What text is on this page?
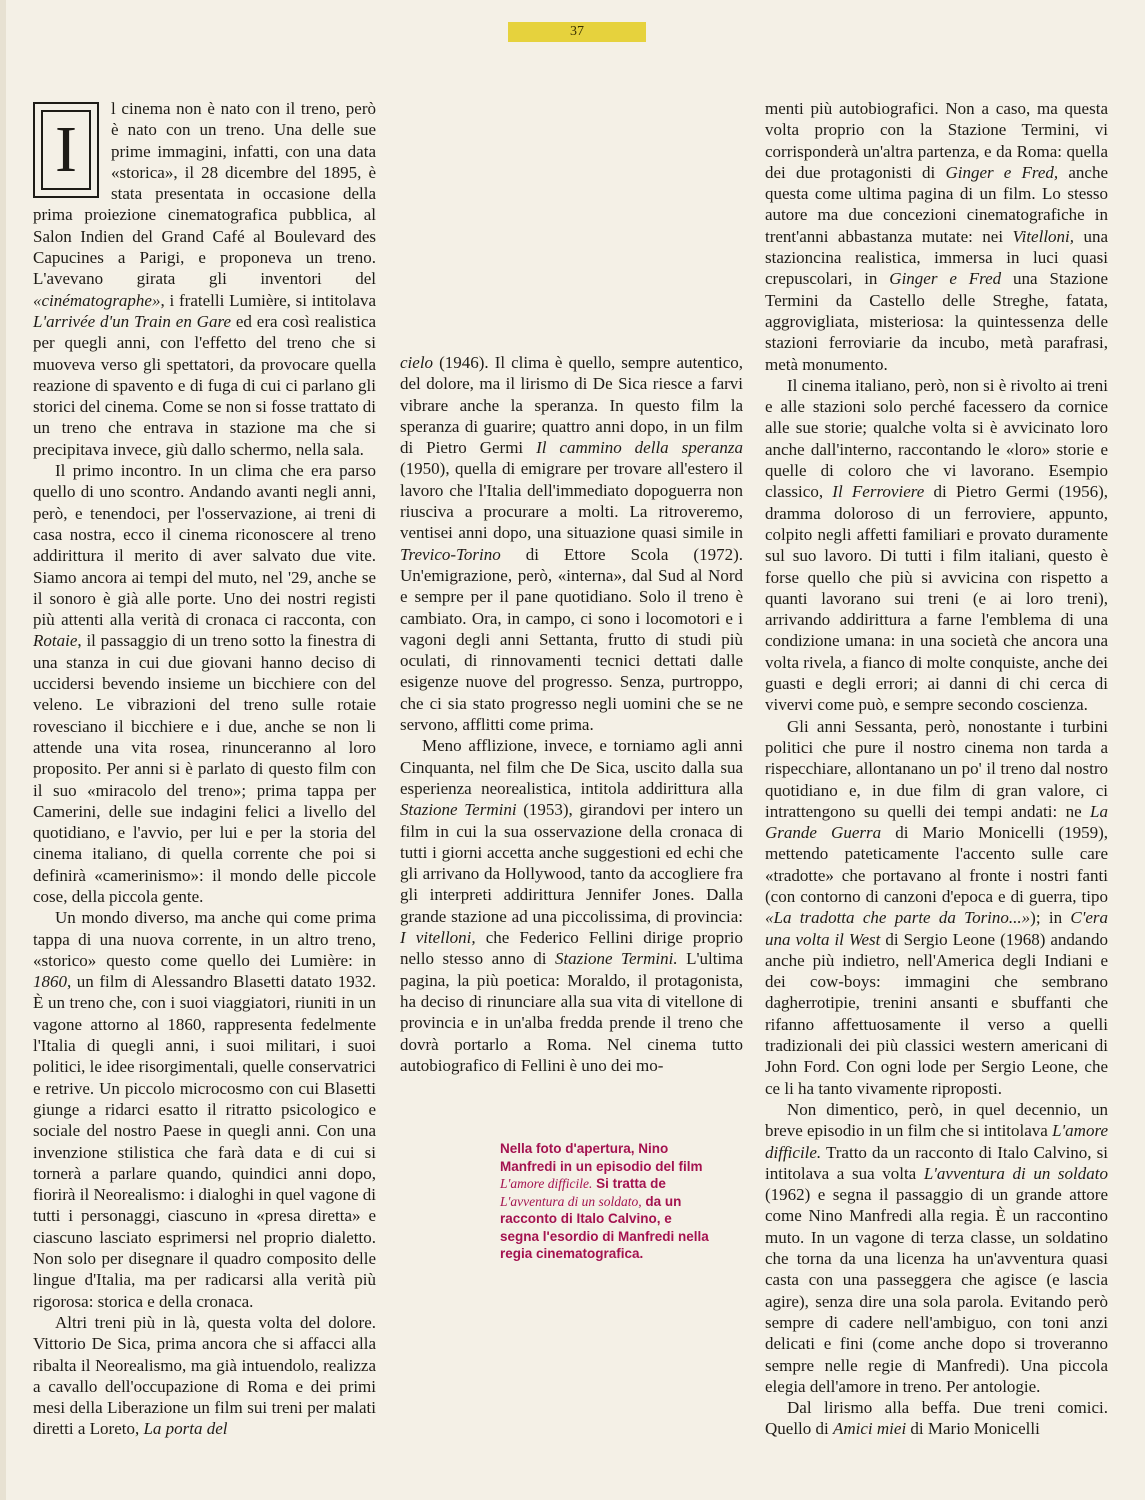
37

I
l cinema non è nato con il treno, però è nato con un treno. Una delle sue prime immagini, infatti, con una data «storica», il 28 dicembre del 1895, è stata presentata in occasione della prima proiezione cinematografica pubblica, al Salon Indien del Grand Café al Boulevard des Capucines a Parigi, e proponeva un treno. L'avevano girata gli inventori del «cinématographe», i fratelli Lumière, si intitolava L'arrivée d'un Train en Gare ed era così realistica per quegli anni, con l'effetto del treno che si muoveva verso gli spettatori, da provocare quella reazione di spavento e di fuga di cui ci parlano gli storici del cinema. Come se non si fosse trattato di un treno che entrava in stazione ma che si precipitava invece, giù dallo schermo, nella sala.

Il primo incontro. In un clima che era parso quello di uno scontro. Andando avanti negli anni, però, e tenendoci, per l'osservazione, ai treni di casa nostra, ecco il cinema riconoscere al treno addirittura il merito di aver salvato due vite. Siamo ancora ai tempi del muto, nel '29, anche se il sonoro è già alle porte. Uno dei nostri registi più attenti alla verità di cronaca ci racconta, con Rotaie, il passaggio di un treno sotto la finestra di una stanza in cui due giovani hanno deciso di uccidersi bevendo insieme un bicchiere con del veleno. Le vibrazioni del treno sulle rotaie rovesciano il bicchiere e i due, anche se non li attende una vita rosea, rinunceranno al loro proposito. Per anni si è parlato di questo film con il suo «miracolo del treno»; prima tappa per Camerini, delle sue indagini felici a livello del quotidiano, e l'avvio, per lui e per la storia del cinema italiano, di quella corrente che poi si definirà «camerinismo»: il mondo delle piccole cose, della piccola gente.

Un mondo diverso, ma anche qui come prima tappa di una nuova corrente, in un altro treno, «storico» questo come quello dei Lumière: in 1860, un film di Alessandro Blasetti datato 1932. È un treno che, con i suoi viaggiatori, riuniti in un vagone attorno al 1860, rappresenta fedelmente l'Italia di quegli anni, i suoi militari, i suoi politici, le idee risorgimentali, quelle conservatrici e retrive. Un piccolo microcosmo con cui Blasetti giunge a ridarci esatto il ritratto psicologico e sociale del nostro Paese in quegli anni. Con una invenzione stilistica che farà data e di cui si tornerà a parlare quando, quindici anni dopo, fiorirà il Neorealismo: i dialoghi in quel vagone di tutti i personaggi, ciascuno in «presa diretta» e ciascuno lasciato esprimersi nel proprio dialetto. Non solo per disegnare il quadro composito delle lingue d'Italia, ma per radicarsi alla verità più rigorosa: storica e della cronaca.

Altri treni più in là, questa volta del dolore. Vittorio De Sica, prima ancora che si affacci alla ribalta il Neorealismo, ma già intuendolo, realizza a cavallo dell'occupazione di Roma e dei primi mesi della Liberazione un film sui treni per malati diretti a Loreto, La porta del

cielo (1946). Il clima è quello, sempre autentico, del dolore, ma il lirismo di De Sica riesce a farvi vibrare anche la speranza. In questo film la speranza di guarire; quattro anni dopo, in un film di Pietro Germi Il cammino della speranza (1950), quella di emigrare per trovare all'estero il lavoro che l'Italia dell'immediato dopoguerra non riusciva a procurare a molti. La ritroveremo, ventisei anni dopo, una situazione quasi simile in Trevico-Torino di Ettore Scola (1972). Un'emigrazione, però, «interna», dal Sud al Nord e sempre per il pane quotidiano. Solo il treno è cambiato. Ora, in campo, ci sono i locomotori e i vagoni degli anni Settanta, frutto di studi più oculati, di rinnovamenti tecnici dettati dalle esigenze nuove del progresso. Senza, purtroppo, che ci sia stato progresso negli uomini che se ne servono, afflitti come prima.

Meno afflizione, invece, e torniamo agli anni Cinquanta, nel film che De Sica, uscito dalla sua esperienza neorealistica, intitola addirittura alla Stazione Termini (1953), girandovi per intero un film in cui la sua osservazione della cronaca di tutti i giorni accetta anche suggestioni ed echi che gli arrivano da Hollywood, tanto da accogliere fra gli interpreti addirittura Jennifer Jones. Dalla grande stazione ad una piccolissima, di provincia: I vitelloni, che Federico Fellini dirige proprio nello stesso anno di Stazione Termini. L'ultima pagina, la più poetica: Moraldo, il protagonista, ha deciso di rinunciare alla sua vita di vitellone di provincia e in un'alba fredda prende il treno che dovrà portarlo a Roma. Nel cinema tutto autobiografico di Fellini è uno dei mo-

Nella foto d'apertura, Nino Manfredi in un episodio del film L'amore difficile. Si tratta de L'avventura di un soldato, da un racconto di Italo Calvino, e segna l'esordio di Manfredi nella regia cinematografica.

menti più autobiografici. Non a caso, ma questa volta proprio con la Stazione Termini, vi corrisponderà un'altra partenza, e da Roma: quella dei due protagonisti di Ginger e Fred, anche questa come ultima pagina di un film. Lo stesso autore ma due concezioni cinematografiche in trent'anni abbastanza mutate: nei Vitelloni, una stazioncina realistica, immersa in luci quasi crepuscolari, in Ginger e Fred una Stazione Termini da Castello delle Streghe, fatata, aggrovigliata, misteriosa: la quintessenza delle stazioni ferroviarie da incubo, metà parafrasi, metà monumento.

Il cinema italiano, però, non si è rivolto ai treni e alle stazioni solo perché facessero da cornice alle sue storie; qualche volta si è avvicinato loro anche dall'interno, raccontando le «loro» storie e quelle di coloro che vi lavorano. Esempio classico, Il Ferroviere di Pietro Germi (1956), dramma doloroso di un ferroviere, appunto, colpito negli affetti familiari e provato duramente sul suo lavoro. Di tutti i film italiani, questo è forse quello che più si avvicina con rispetto a quanti lavorano sui treni (e ai loro treni), arrivando addirittura a farne l'emblema di una condizione umana: in una società che ancora una volta rivela, a fianco di molte conquiste, anche dei guasti e degli errori; ai danni di chi cerca di vivervi come può, e sempre secondo coscienza.

Gli anni Sessanta, però, nonostante i turbini politici che pure il nostro cinema non tarda a rispecchiare, allontanano un po' il treno dal nostro quotidiano e, in due film di gran valore, ci intrattengono su quelli dei tempi andati: ne La Grande Guerra di Mario Monicelli (1959), mettendo pateticamente l'accento sulle care «tradotte» che portavano al fronte i nostri fanti (con contorno di canzoni d'epoca e di guerra, tipo «La tradotta che parte da Torino...»); in C'era una volta il West di Sergio Leone (1968) andando anche più indietro, nell'America degli Indiani e dei cow-boys: immagini che sembrano dagherrotipie, trenini ansanti e sbuffanti che rifanno affettuosamente il verso a quelli tradizionali dei più classici western americani di John Ford. Con ogni lode per Sergio Leone, che ce li ha tanto vivamente riproposti.

Non dimentico, però, in quel decennio, un breve episodio in un film che si intitolava L'amore difficile. Tratto da un racconto di Italo Calvino, si intitolava a sua volta L'avventura di un soldato (1962) e segna il passaggio di un grande attore come Nino Manfredi alla regia. È un raccontino muto. In un vagone di terza classe, un soldatino che torna da una licenza ha un'avventura quasi casta con una passeggera che agisce (e lascia agire), senza dire una sola parola. Evitando però sempre di cadere nell'ambiguo, con toni anzi delicati e fini (come anche dopo si troveranno sempre nelle regie di Manfredi). Una piccola elegia dell'amore in treno. Per antologie.

Dal lirismo alla beffa. Due treni comici. Quello di Amici miei di Mario Monicelli
